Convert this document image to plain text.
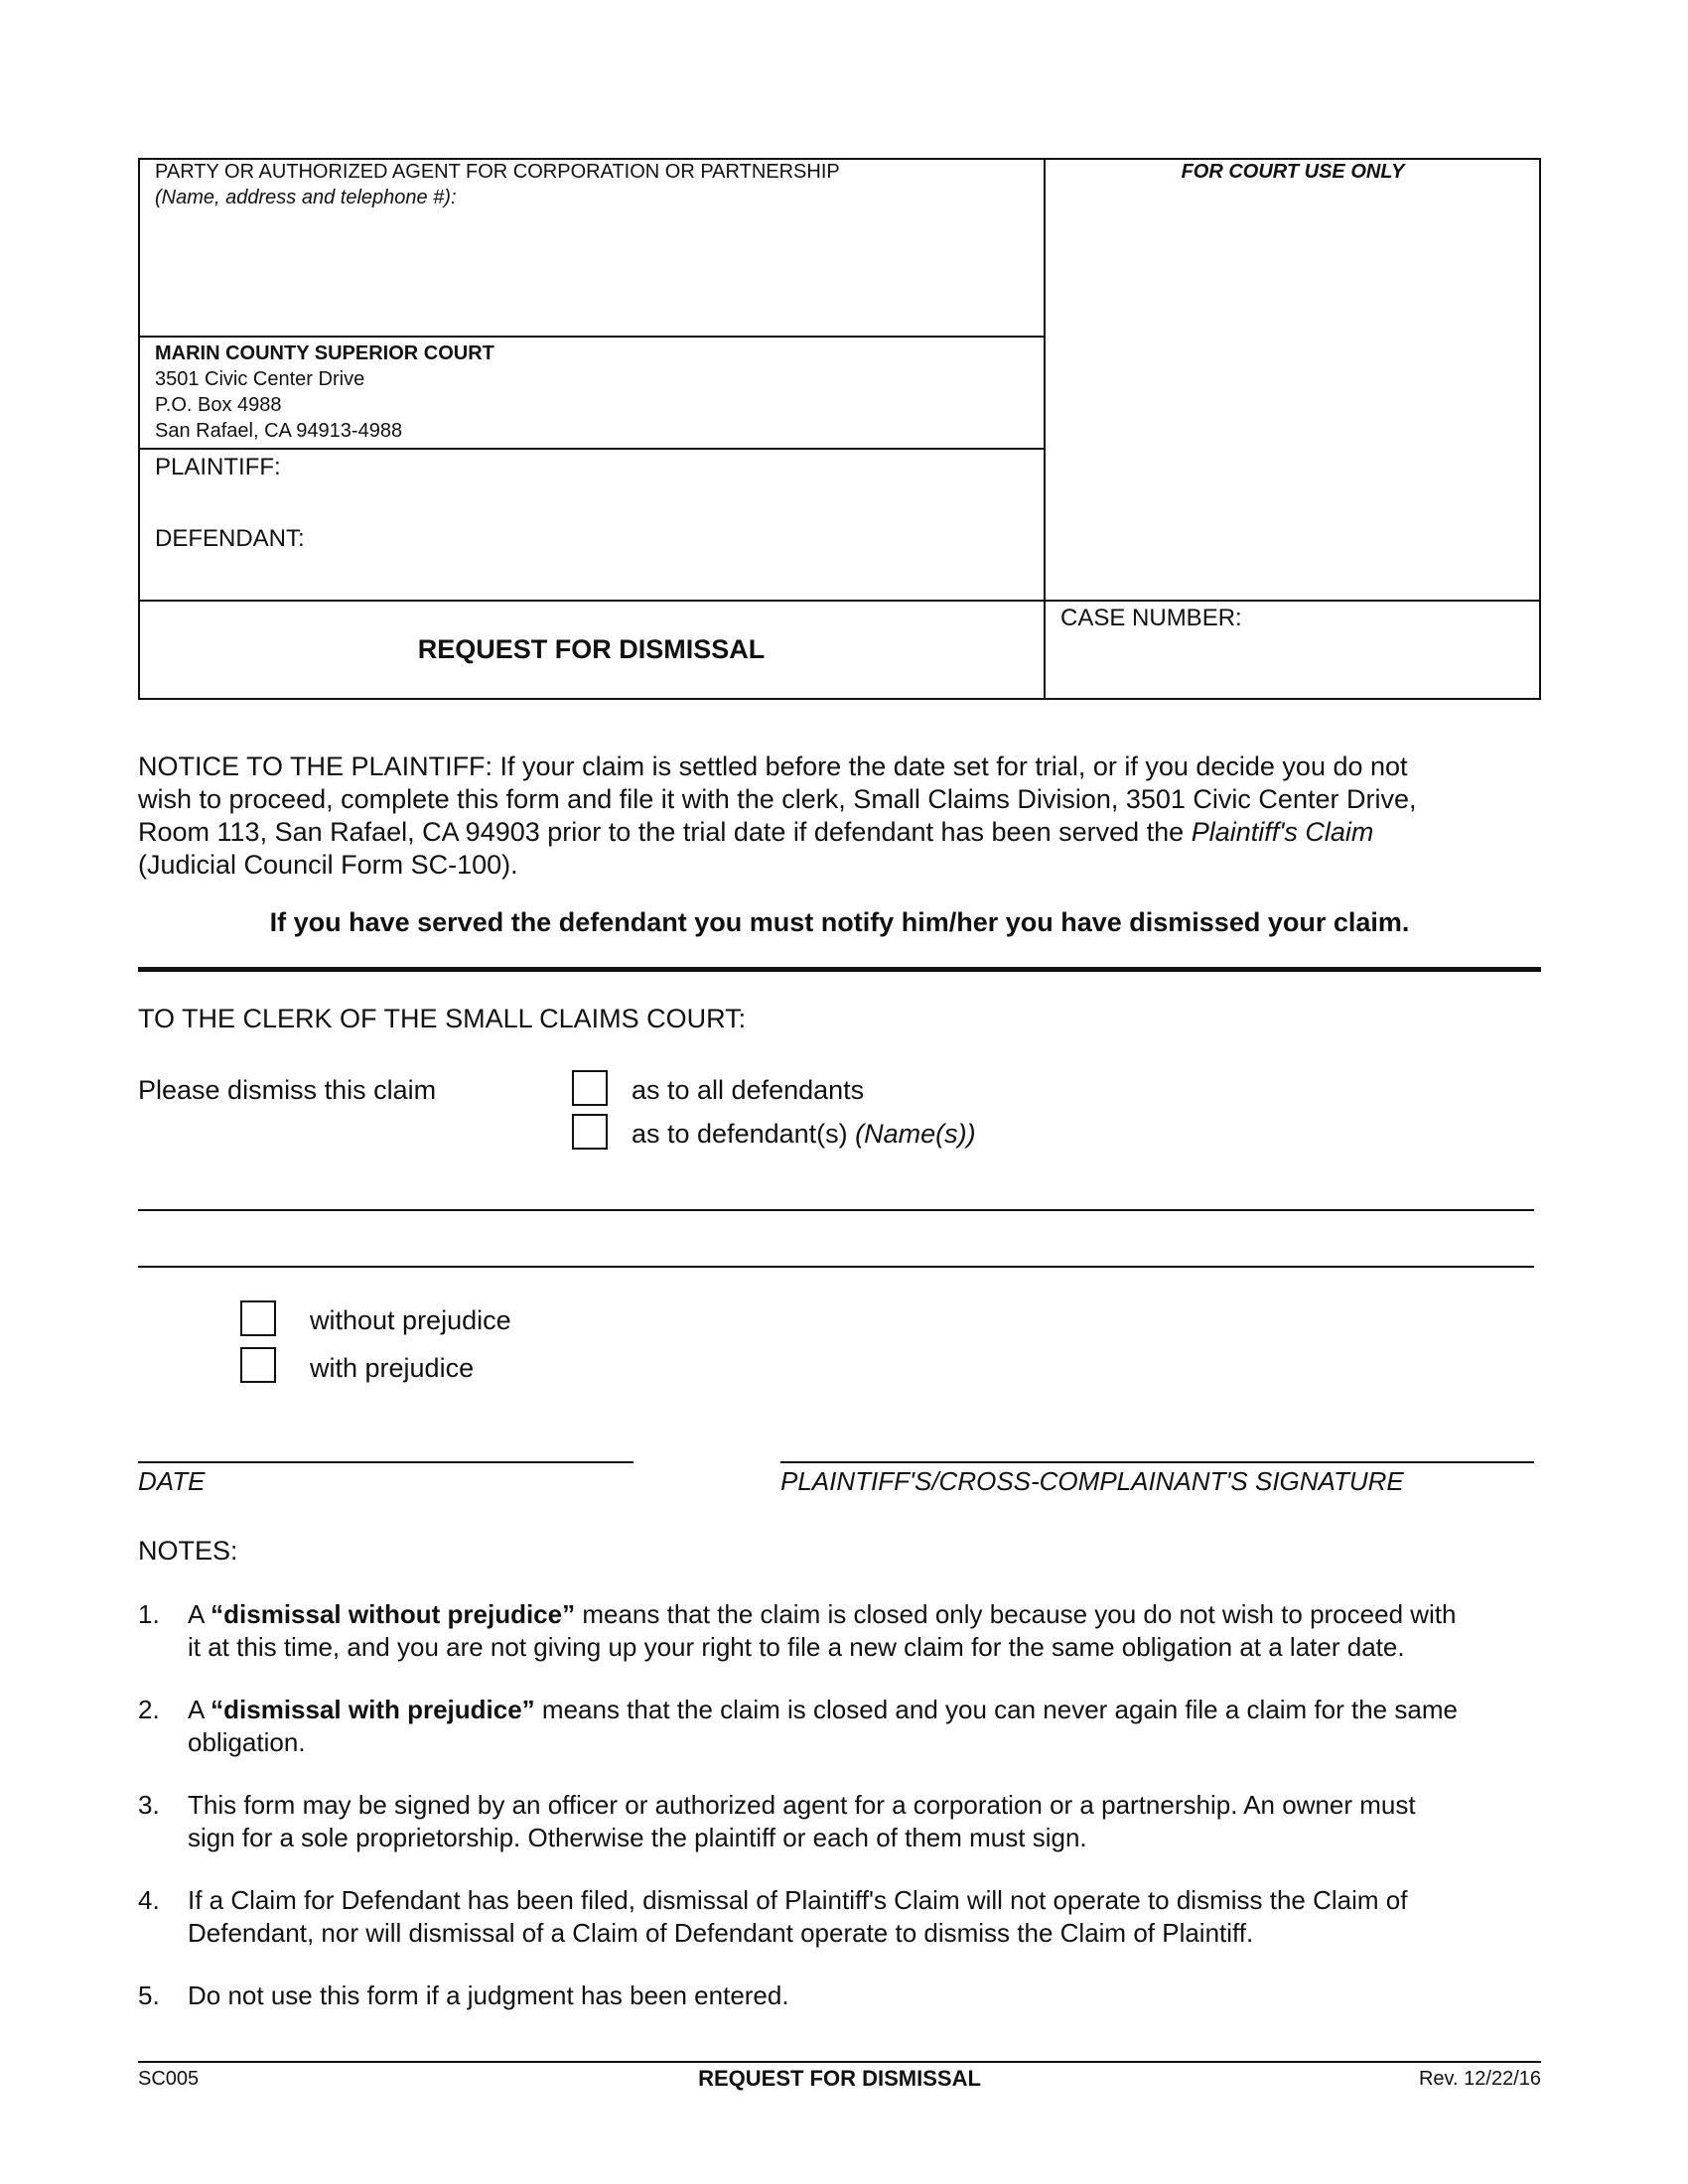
PARTY OR AUTHORIZED AGENT FOR CORPORATION OR PARTNERSHIP
(Name, address and telephone #):
FOR COURT USE ONLY
MARIN COUNTY SUPERIOR COURT
3501 Civic Center Drive
P.O. Box 4988
San Rafael, CA 94913-4988
PLAINTIFF:
DEFENDANT:
REQUEST FOR DISMISSAL
CASE NUMBER:
NOTICE TO THE PLAINTIFF: If your claim is settled before the date set for trial, or if you decide you do not
wish to proceed, complete this form and file it with the clerk, Small Claims Division, 3501 Civic Center Drive,
Room 113, San Rafael, CA 94903 prior to the trial date if defendant has been served the Plaintiff's Claim
(Judicial Council Form SC-100).
If you have served the defendant you must notify him/her you have dismissed your claim.
TO THE CLERK OF THE SMALL CLAIMS COURT:
Please dismiss this claim	as to all defendants
as to defendant(s) (Name(s))
without prejudice
with prejudice
DATE	PLAINTIFF'S/CROSS-COMPLAINANT'S SIGNATURE
NOTES:
1. A “dismissal without prejudice” means that the claim is closed only because you do not wish to proceed with
it at this time, and you are not giving up your right to file a new claim for the same obligation at a later date.
2. A “dismissal with prejudice” means that the claim is closed and you can never again file a claim for the same
obligation.
3. This form may be signed by an officer or authorized agent for a corporation or a partnership. An owner must
sign for a sole proprietorship. Otherwise the plaintiff or each of them must sign.
4. If a Claim for Defendant has been filed, dismissal of Plaintiff's Claim will not operate to dismiss the Claim of
Defendant, nor will dismissal of a Claim of Defendant operate to dismiss the Claim of Plaintiff.
5. Do not use this form if a judgment has been entered.
SC005	REQUEST FOR DISMISSAL	Rev. 12/22/16
